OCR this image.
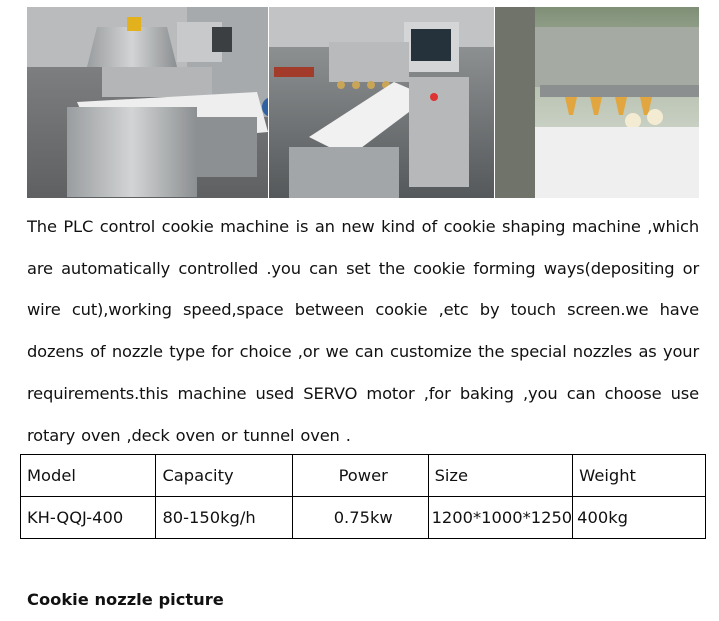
The PLC control cookie machine is an new kind of cookie shaping machine ,which are automatically controlled .you can set the cookie forming ways(depositing or wire cut),working speed,space between cookie ,etc by touch screen.we have dozens of nozzle type for choice ,or we can customize the special nozzles as your requirements.this machine used SERVO motor ,for baking ,you can choose use rotary oven ,deck oven or tunnel oven .

Model	Capacity	Power	Size	Weight
KH-QQJ-400	80-150kg/h	0.75kw	1200*1000*1250	400kg

Cookie nozzle picture
